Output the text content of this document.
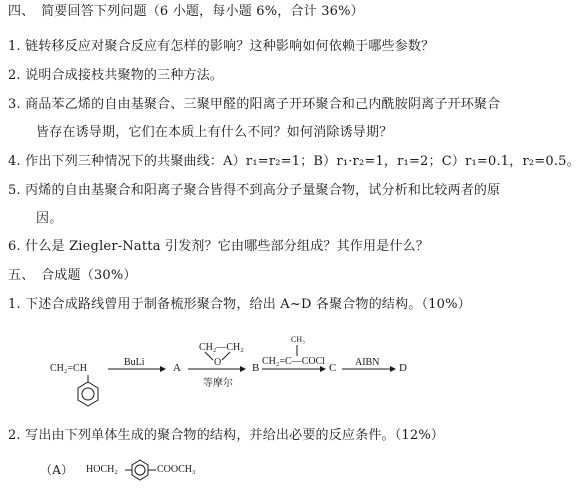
四、　简要回答下列问题（6 小题，每小题 6%，合计 36%）
1. 链转移反应对聚合反应有怎样的影响？这种影响如何依赖于哪些参数？
2. 说明合成接枝共聚物的三种方法。
3. 商品苯乙烯的自由基聚合、三聚甲醛的阳离子开环聚合和己内酰胺阴离子开环聚合
皆存在诱导期，它们在本质上有什么不同？如何消除诱导期？
4. 作出下列三种情况下的共聚曲线：A）r₁=r₂=1；B）r₁·r₂=1，r₁=2；C）r₁=0.1，r₂=0.5。
5. 丙烯的自由基聚合和阳离子聚合皆得不到高分子量聚合物，试分析和比较两者的原
因。
6. 什么是 Ziegler-Natta 引发剂？它由哪些部分组成？其作用是什么？
五、　合成题（30%）
1. 下述合成路线曾用于制备梳形聚合物，给出 A~D 各聚合物的结构。（10%）
CH₂=CH
BuLi	A
CH₂—CH₂
O
等摩尔
B
CH₃
CH₂=C—COCl
C AIBN D
2. 写出由下列单体生成的聚合物的结构，并给出必要的反应条件。（12%）
（A） HOCH₂	COOCH₃
